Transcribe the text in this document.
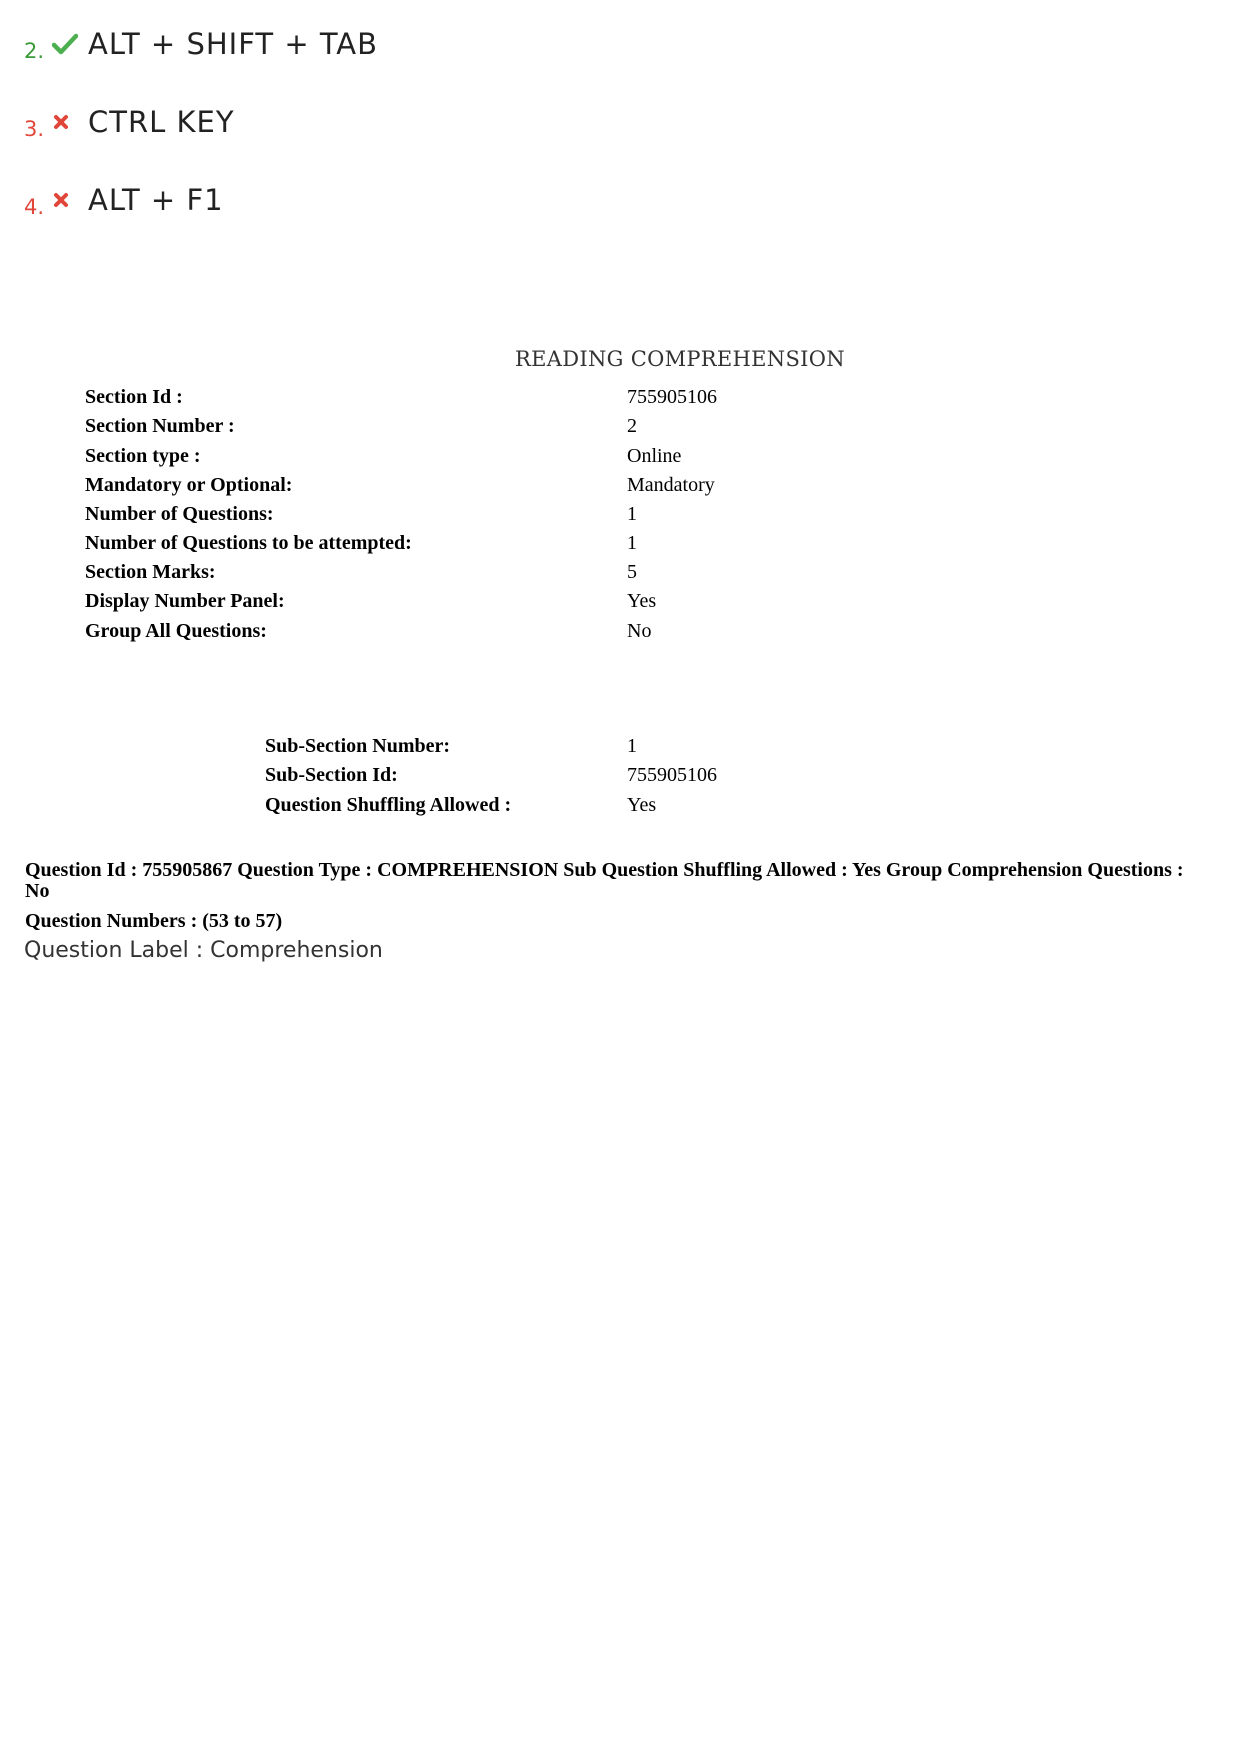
2. ALT + SHIFT + TAB
3. CTRL KEY
4. ALT + F1
READING COMPREHENSION
Section Id :	755905106
Section Number :	2
Section type :	Online
Mandatory or Optional:	Mandatory
Number of Questions:	1
Number of Questions to be attempted:	1
Section Marks:	5
Display Number Panel:	Yes
Group All Questions:	No
Sub-Section Number:	1
Sub-Section Id:	755905106
Question Shuffling Allowed :	Yes
Question Id : 755905867 Question Type : COMPREHENSION Sub Question Shuffling Allowed : Yes Group Comprehension Questions : No
Question Numbers : (53 to 57)
Question Label : Comprehension
